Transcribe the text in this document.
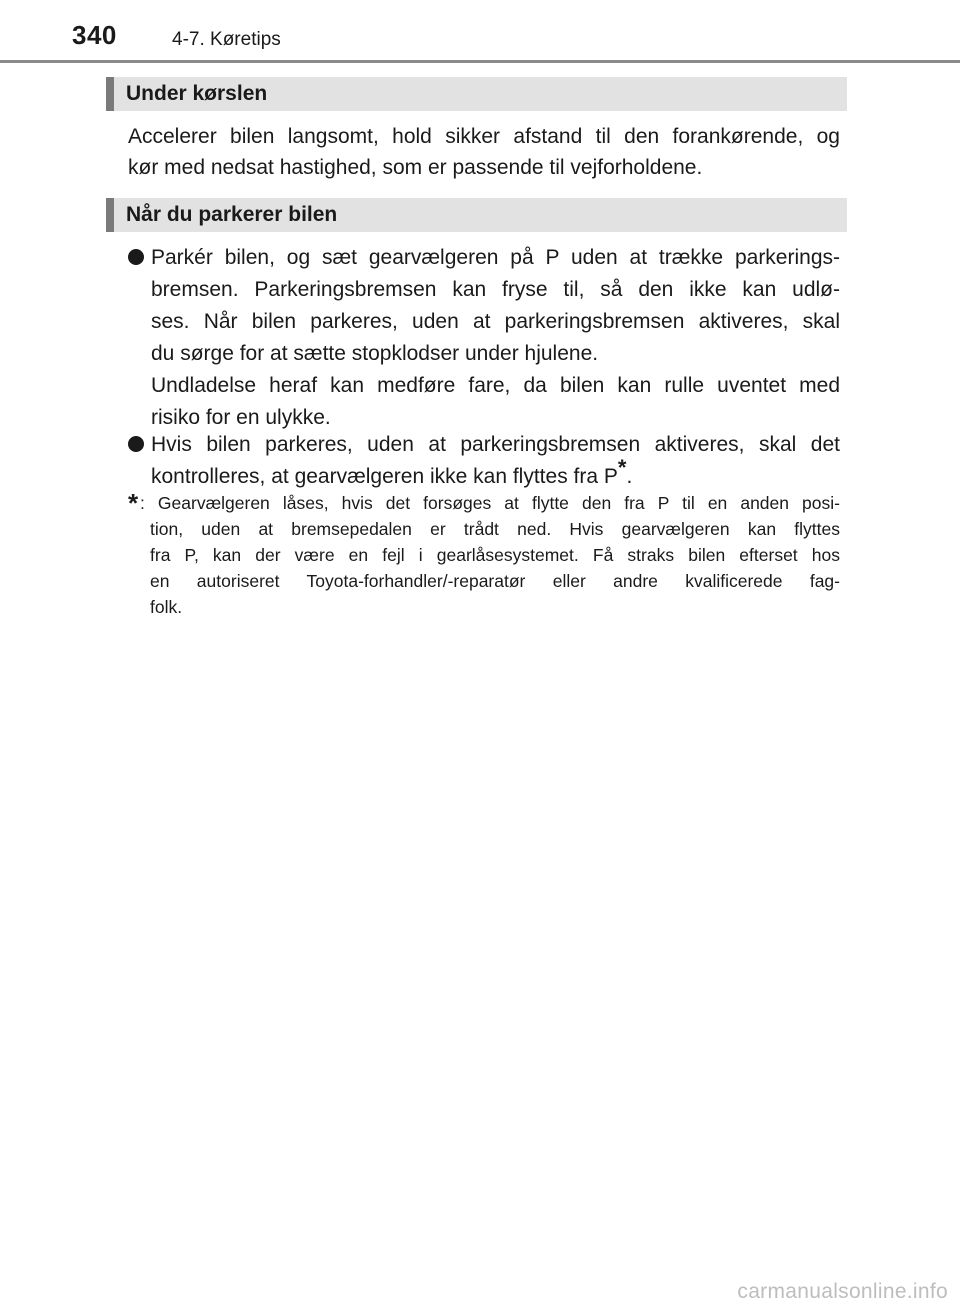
340	4-7. Køretips
Under kørslen
Accelerer bilen langsomt, hold sikker afstand til den forankørende, og
kør med nedsat hastighed, som er passende til vejforholdene.
Når du parkerer bilen
Parkér bilen, og sæt gearvælgeren på P uden at trække parkerings-
bremsen. Parkeringsbremsen kan fryse til, så den ikke kan udlø-
ses. Når bilen parkeres, uden at parkeringsbremsen aktiveres, skal
du sørge for at sætte stopklodser under hjulene.
Undladelse heraf kan medføre fare, da bilen kan rulle uventet med
risiko for en ulykke.
Hvis bilen parkeres, uden at parkeringsbremsen aktiveres, skal det
kontrolleres, at gearvælgeren ikke kan flyttes fra P*.
* : Gearvælgeren låses, hvis det forsøges at flytte den fra P til en anden posi-
tion, uden at bremsepedalen er trådt ned. Hvis gearvælgeren kan flyttes
fra P, kan der være en fejl i gearlåsesystemet. Få straks bilen efterset hos
en autoriseret Toyota-forhandler/-reparatør eller andre kvalificerede fag-
folk.
carmanualsonline.info
